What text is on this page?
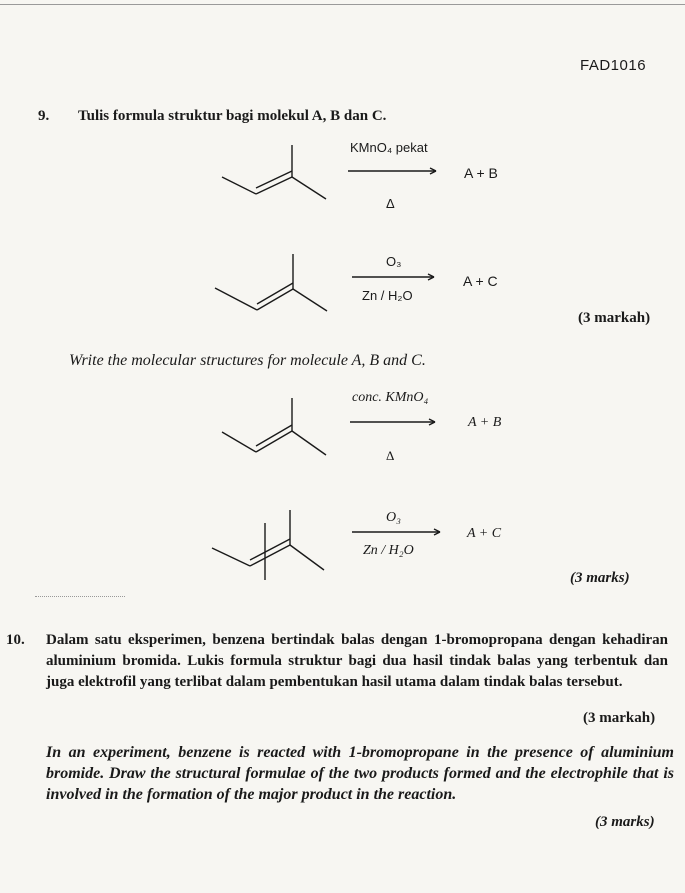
FAD1016
9. Tulis formula struktur bagi molekul A, B dan C.
KMnO₄ pekat
Δ
A + B
O₃
Zn / H₂O
A + C
(3 markah)
Write the molecular structures for molecule A, B and C.
conc. KMnO₄
Δ
A + B
O₃
Zn / H₂O
A + C
(3 marks)
10. Dalam satu eksperimen, benzena bertindak balas dengan 1-bromopropana dengan kehadiran aluminium bromida. Lukis formula struktur bagi dua hasil tindak balas yang terbentuk dan juga elektrofil yang terlibat dalam pembentukan hasil utama dalam tindak balas tersebut.
(3 markah)
In an experiment, benzene is reacted with 1-bromopropane in the presence of aluminium bromide. Draw the structural formulae of the two products formed and the electrophile that is involved in the formation of the major product in the reaction.
(3 marks)
